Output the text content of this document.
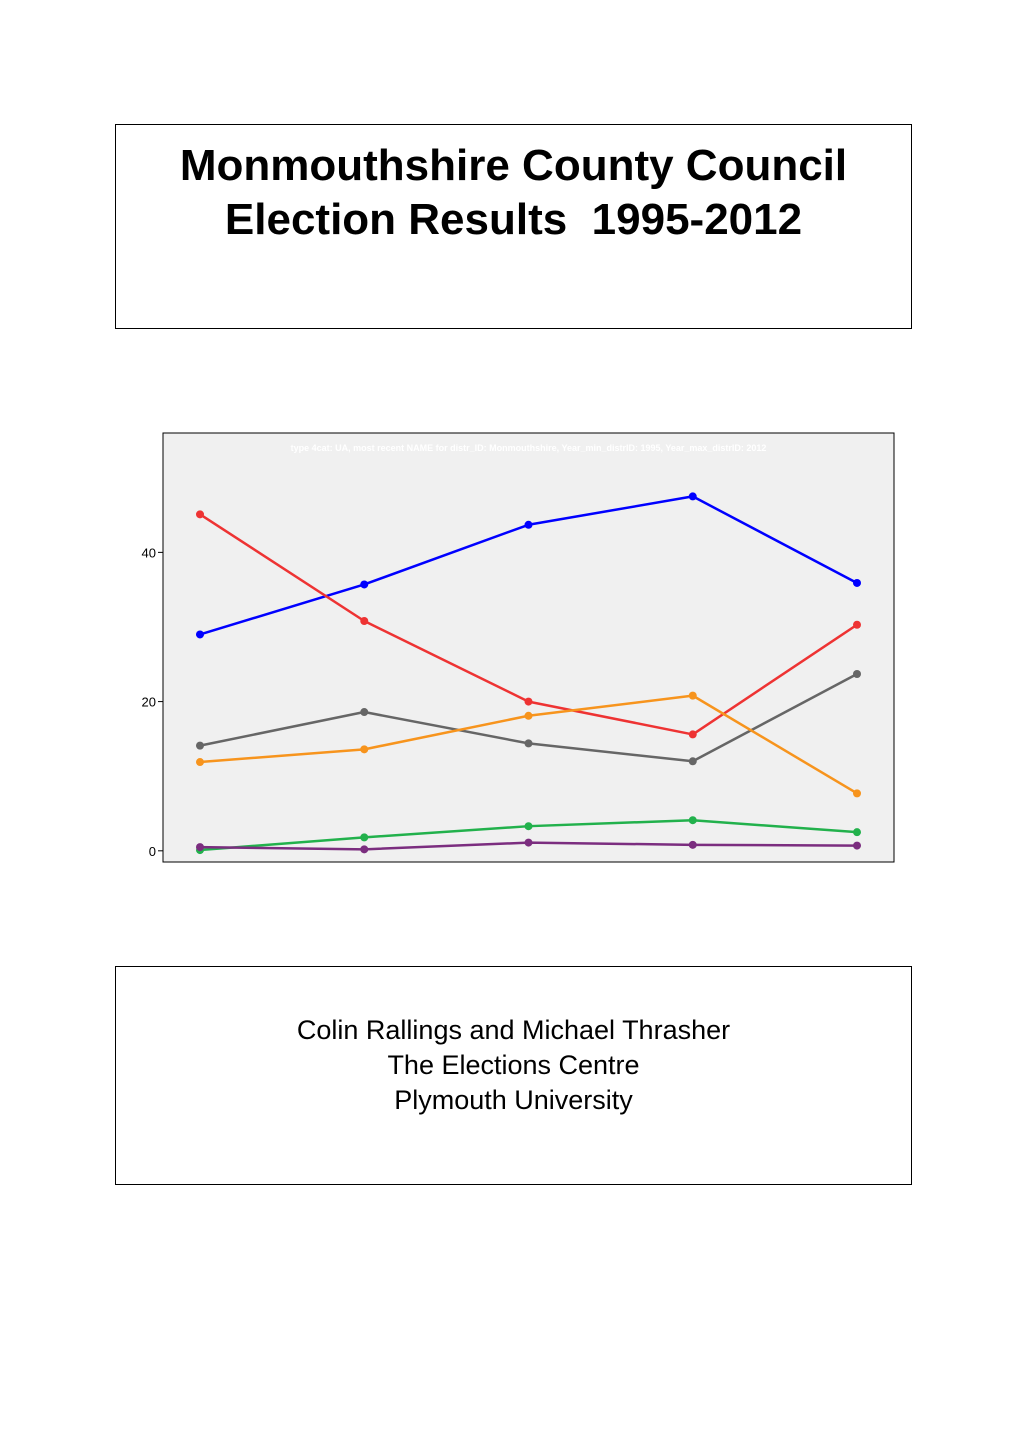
Monmouthshire County Council
Election Results  1995-2012
type 4cat: UA, most recent NAME for distr_ID: Monmouthshire, Year_min_distrID: 1995, Year_max_distrID: 2012
0
20
40
Colin Rallings and Michael Thrasher
The Elections Centre
Plymouth University
